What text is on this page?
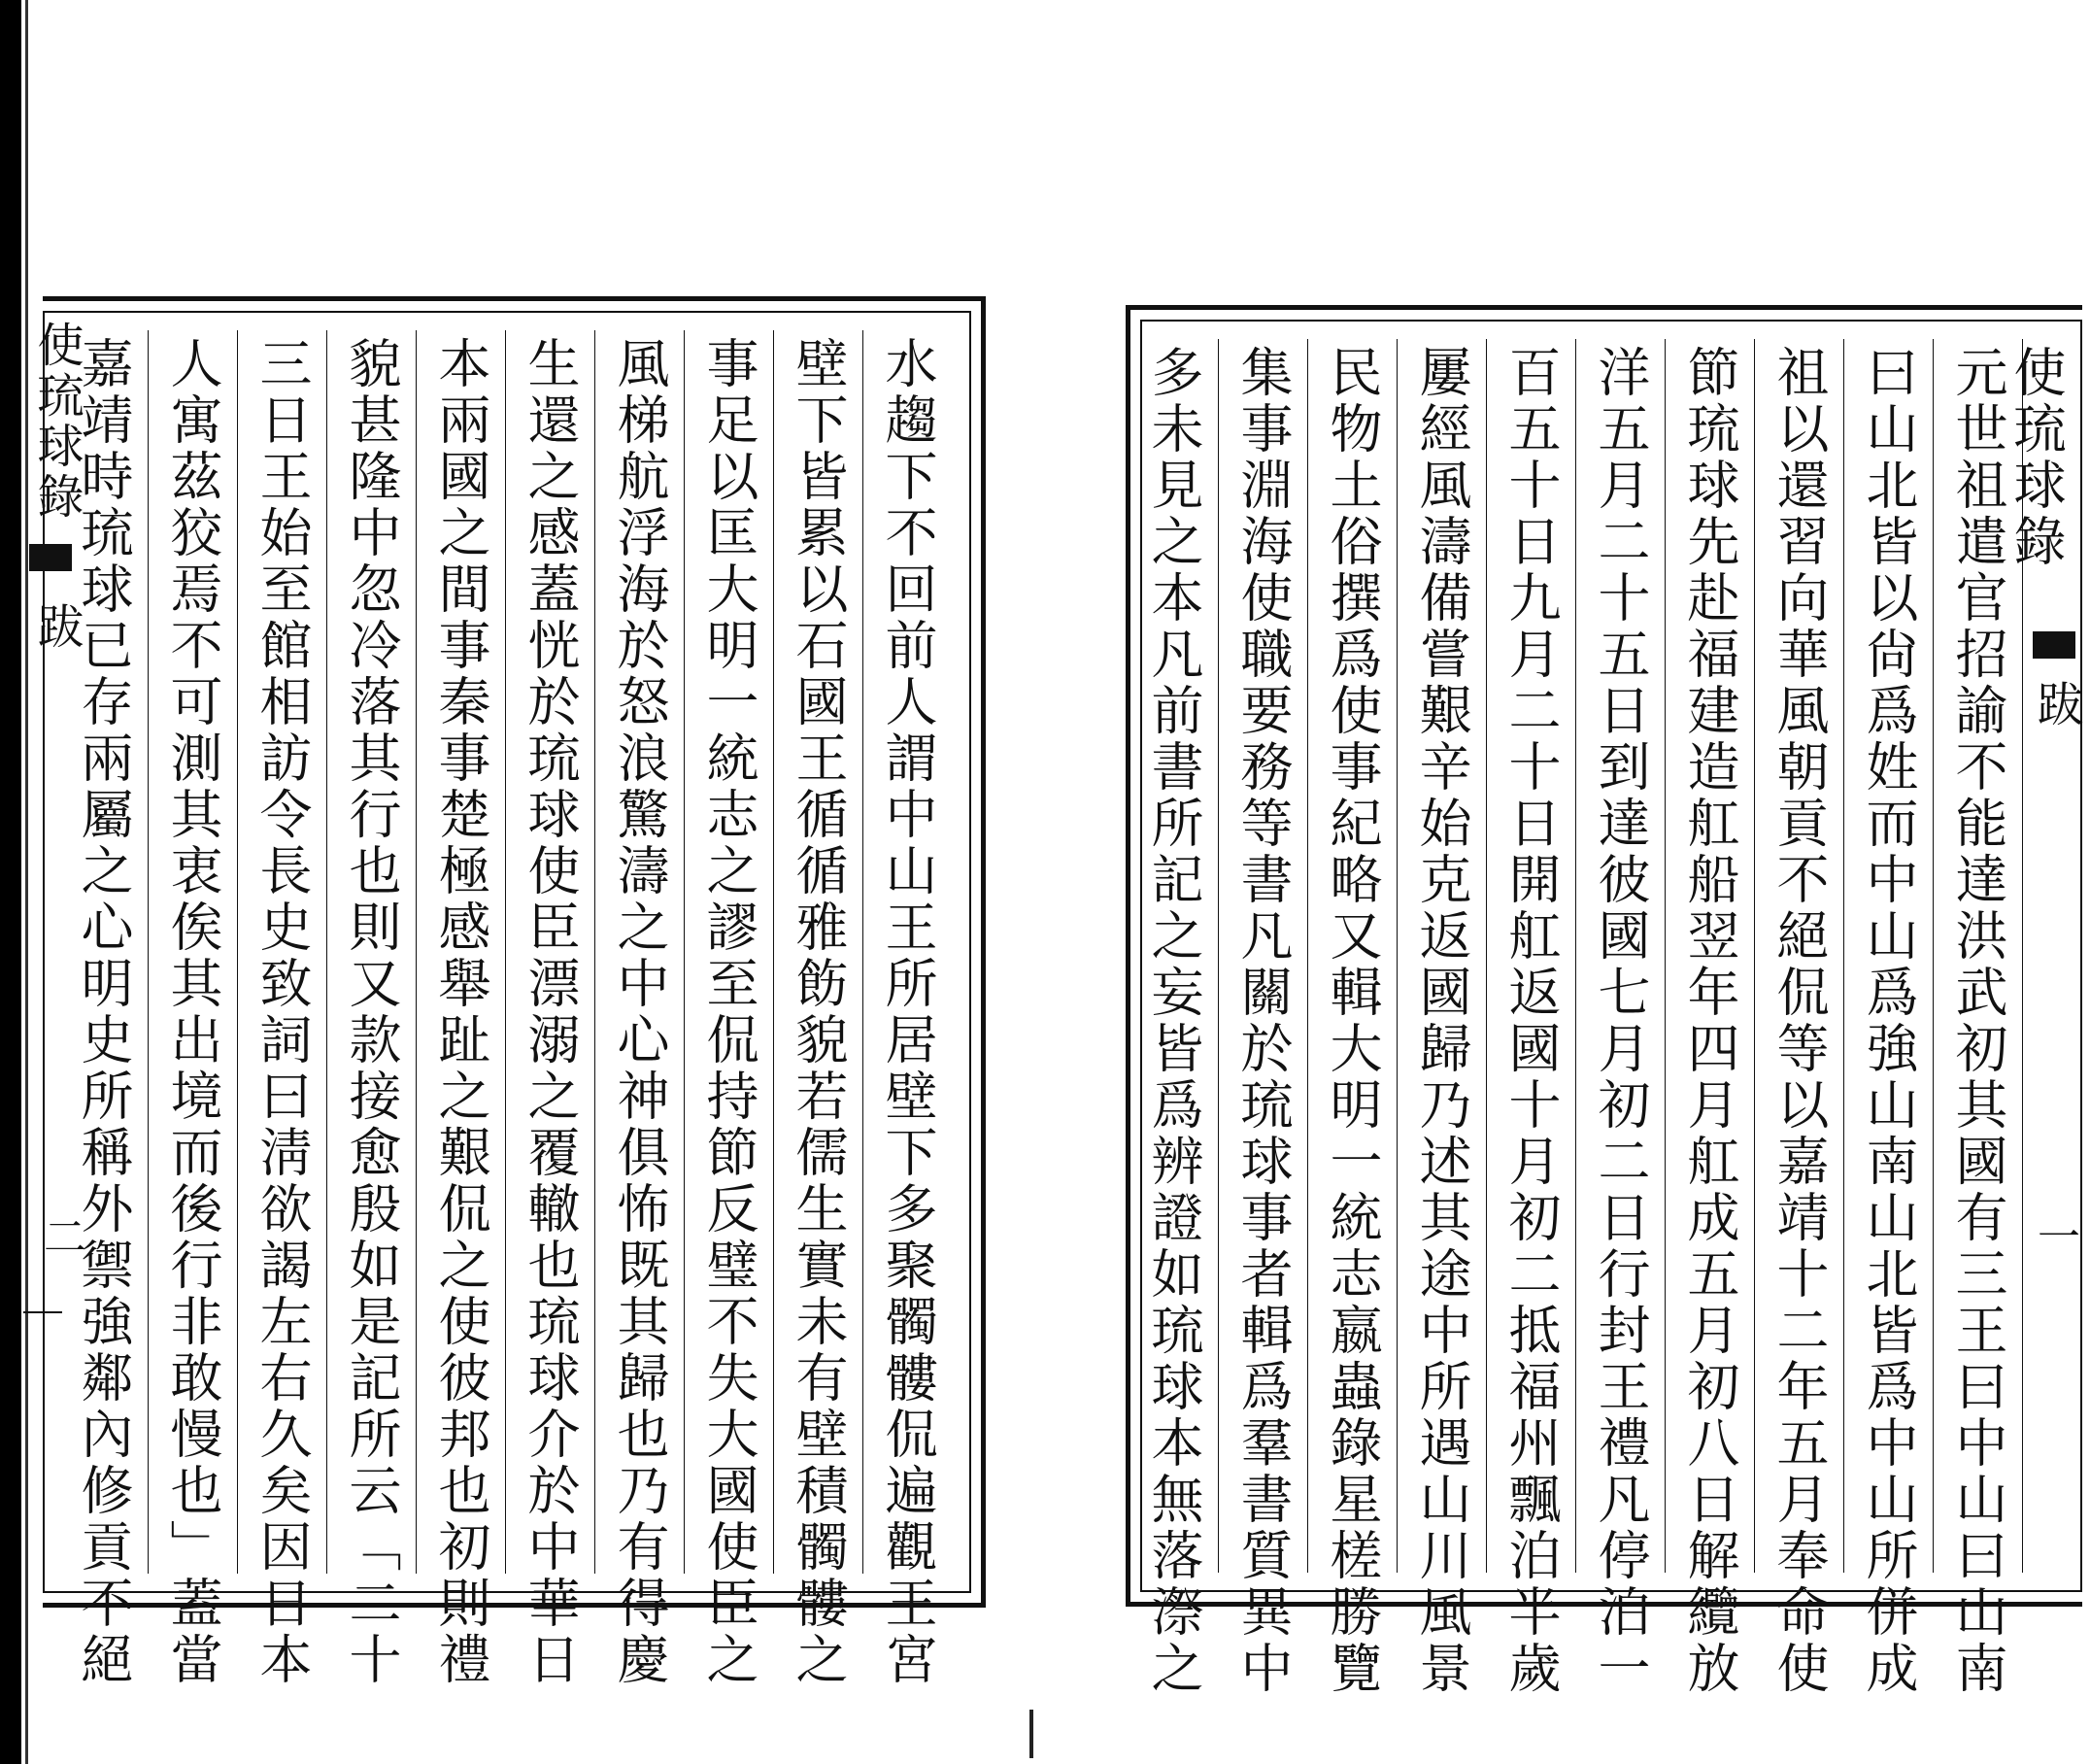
水趨下不回前人謂中山王所居壁下多聚髑髏侃遍觀王宮
壁下皆累以石國王循循雅飭貌若儒生實未有壁積髑髏之
事足以匡大明一統志之謬至侃持節反璧不失大國使臣之
風梯航浮海於怒浪驚濤之中心神俱怖既其歸也乃有得慶
生還之感蓋恍於琉球使臣漂溺之覆轍也琉球介於中華日
本兩國之間事秦事楚極感舉趾之艱侃之使彼邦也初則禮
貌甚隆中忽冷落其行也則又款接愈殷如是記所云「二十
三日王始至館相訪令長史致詞曰淸欲謁左右久矣因日本
人寓茲狡焉不可測其衷俟其出境而後行非敢慢也」蓋當
嘉靖時琉球已存兩屬之心明史所稱外禦強鄰內修貢不絕
使琉球錄
跋
二
使琉球錄
元世祖遣官招諭不能達洪武初其國有三王曰中山曰山南
曰山北皆以尙爲姓而中山爲強山南山北皆爲中山所併成
祖以還習向華風朝貢不絕侃等以嘉靖十二年五月奉命使
節琉球先赴福建造舡船翌年四月舡成五月初八日解纜放
洋五月二十五日到達彼國七月初二日行封王禮凡停泊一
百五十日九月二十日開舡返國十月初二抵福州飄泊半歲
屢經風濤備嘗艱辛始克返國歸乃述其途中所遇山川風景
民物土俗撰爲使事紀略又輯大明一統志嬴蟲錄星槎勝覽
集事淵海使職要務等書凡關於琉球事者輯爲羣書質異中
多未見之本凡前書所記之妄皆爲辨證如琉球本無落漈之	跋
一
